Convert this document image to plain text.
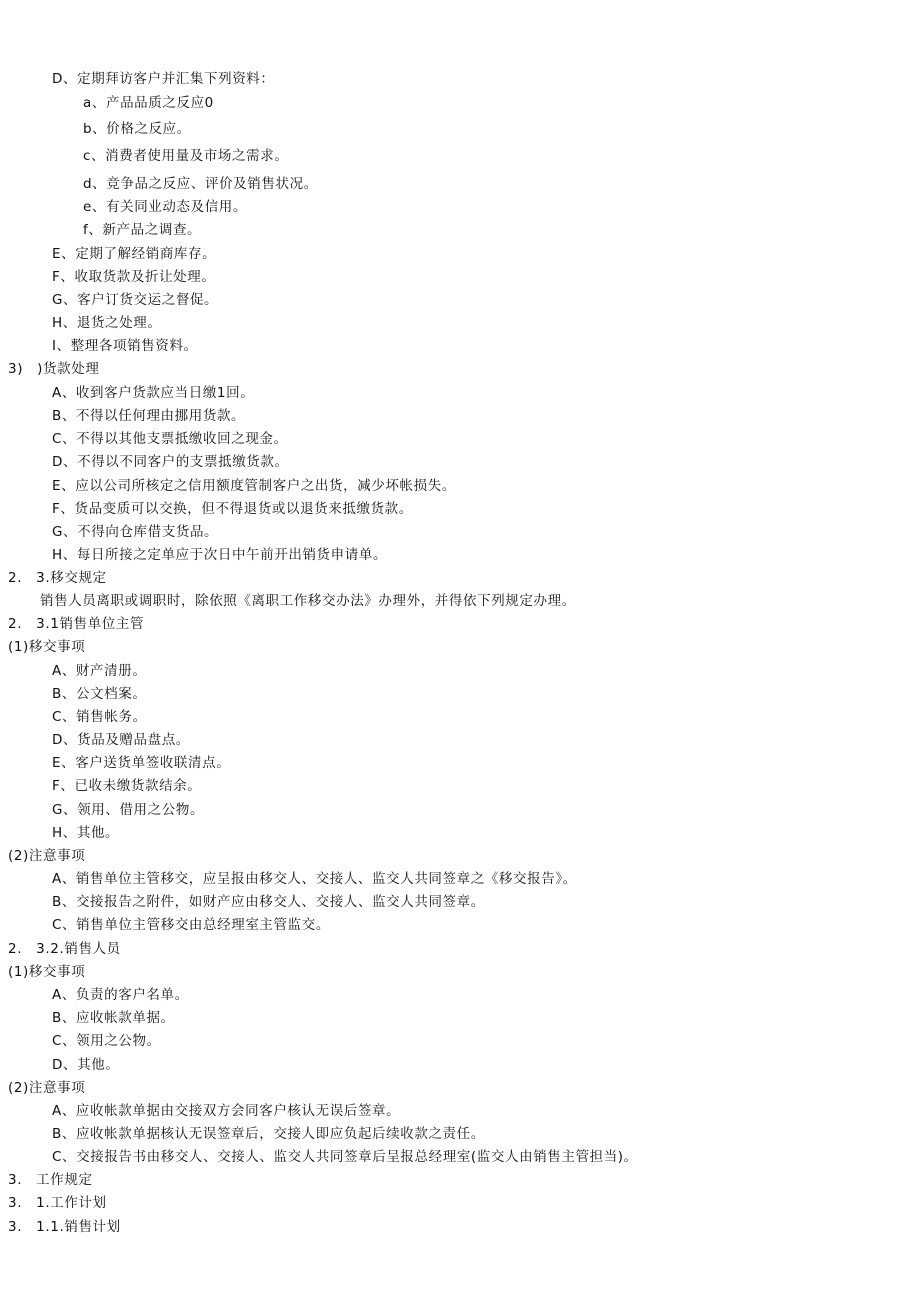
D、定期拜访客户并汇集下列资料：
a、产品品质之反应0
b、价格之反应。
c、消费者使用量及市场之需求。
d、竞争品之反应、评价及销售状况。
e、有关同业动态及信用。
f、新产品之调查。
E、定期了解经销商库存。
F、收取货款及折让处理。
G、客户订货交运之督促。
H、退货之处理。
I、整理各项销售资料。
3)　)货款处理
A、收到客户货款应当日缴1回。
B、不得以任何理由挪用货款。
C、不得以其他支票抵缴收回之现金。
D、不得以不同客户的支票抵缴货款。
E、应以公司所核定之信用额度管制客户之出货，减少坏帐损失。
F、货品变质可以交换，但不得退货或以退货来抵缴货款。
G、不得向仓库借支货品。
H、每日所接之定单应于次日中午前开出销货申请单。
2.　3.移交规定
销售人员离职或调职时，除依照《离职工作移交办法》办理外，并得依下列规定办理。
2.　3.1销售单位主管
(1)移交事项
A、财产清册。
B、公文档案。
C、销售帐务。
D、货品及赠品盘点。
E、客户送货单签收联清点。
F、已收未缴货款结余。
G、领用、借用之公物。
H、其他。
(2)注意事项
A、销售单位主管移交，应呈报由移交人、交接人、监交人共同签章之《移交报告》。
B、交接报告之附件，如财产应由移交人、交接人、监交人共同签章。
C、销售单位主管移交由总经理室主管监交。
2.　3.2.销售人员
(1)移交事项
A、负责的客户名单。
B、应收帐款单据。
C、领用之公物。
D、其他。
(2)注意事项
A、应收帐款单据由交接双方会同客户核认无误后签章。
B、应收帐款单据核认无误签章后，交接人即应负起后续收款之责任。
C、交接报告书由移交人、交接人、监交人共同签章后呈报总经理室(监交人由销售主管担当)。
3.　工作规定
3.　1.工作计划
3.　1.1.销售计划
